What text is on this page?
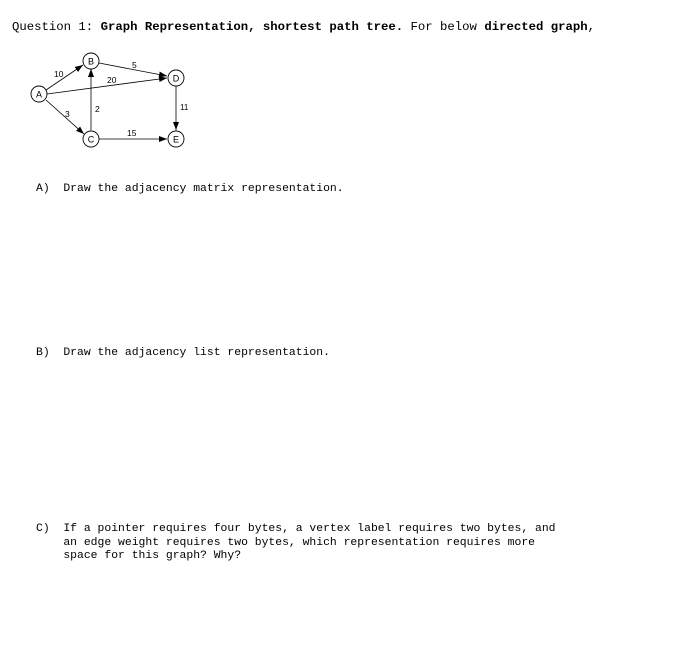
Question 1: Graph Representation, shortest path tree. For below directed graph,
10
3
20
5
2
15
11
A
B
C
D
E
A)  Draw the adjacency matrix representation.
B)  Draw the adjacency list representation.
C)  If a pointer requires four bytes, a vertex label requires two bytes, and
an edge weight requires two bytes, which representation requires more
space for this graph? Why?
